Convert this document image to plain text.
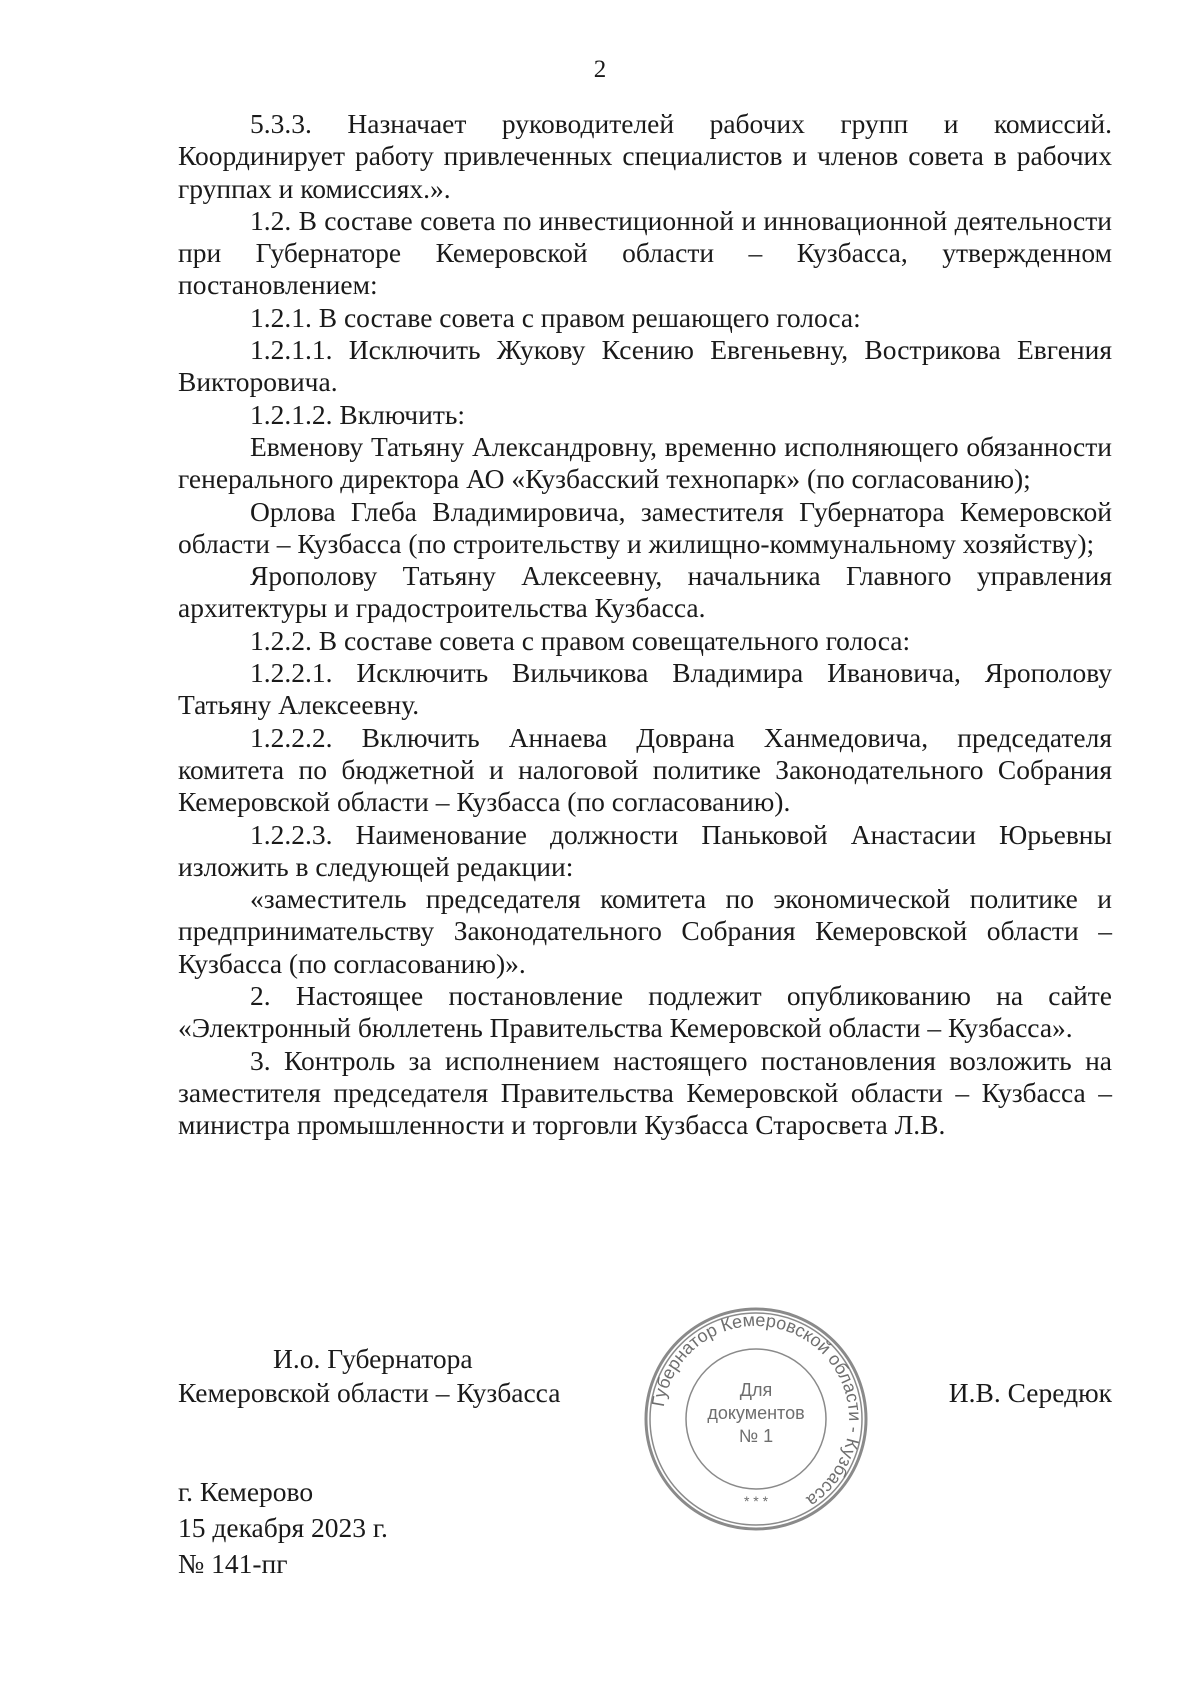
2

5.3.3. Назначает руководителей рабочих групп и комиссий. Координирует работу привлеченных специалистов и членов совета в рабочих группах и комиссиях.».

1.2. В составе совета по инвестиционной и инновационной деятельности при Губернаторе Кемеровской области – Кузбасса, утвержденном постановлением:

1.2.1. В составе совета с правом решающего голоса:

1.2.1.1. Исключить Жукову Ксению Евгеньевну, Вострикова Евгения Викторовича.

1.2.1.2. Включить:

Евменову Татьяну Александровну, временно исполняющего обязанности генерального директора АО «Кузбасский технопарк» (по согласованию);

Орлова Глеба Владимировича, заместителя Губернатора Кемеровской области – Кузбасса (по строительству и жилищно-коммунальному хозяйству);

Ярополову Татьяну Алексеевну, начальника Главного управления архитектуры и градостроительства Кузбасса.

1.2.2. В составе совета с правом совещательного голоса:

1.2.2.1. Исключить Вильчикова Владимира Ивановича, Ярополову Татьяну Алексеевну.

1.2.2.2. Включить Аннаева Доврана Ханмедовича, председателя комитета по бюджетной и налоговой политике Законодательного Собрания Кемеровской области – Кузбасса (по согласованию).

1.2.2.3. Наименование должности Паньковой Анастасии Юрьевны изложить в следующей редакции:

«заместитель председателя комитета по экономической политике и предпринимательству Законодательного Собрания Кемеровской области – Кузбасса (по согласованию)».

2. Настоящее постановление подлежит опубликованию на сайте «Электронный бюллетень Правительства Кемеровской области – Кузбасса».

3. Контроль за исполнением настоящего постановления возложить на заместителя председателя Правительства Кемеровской области – Кузбасса – министра промышленности и торговли Кузбасса Старосвета Л.В.

И.о. Губернатора
Кемеровской области – Кузбасса	И.В. Середюк
Губернатор Кемеровской области - Кузбасса
Для
документов
№ 1
* * *
г. Кемерово
15 декабря 2023 г.
№ 141-пг
